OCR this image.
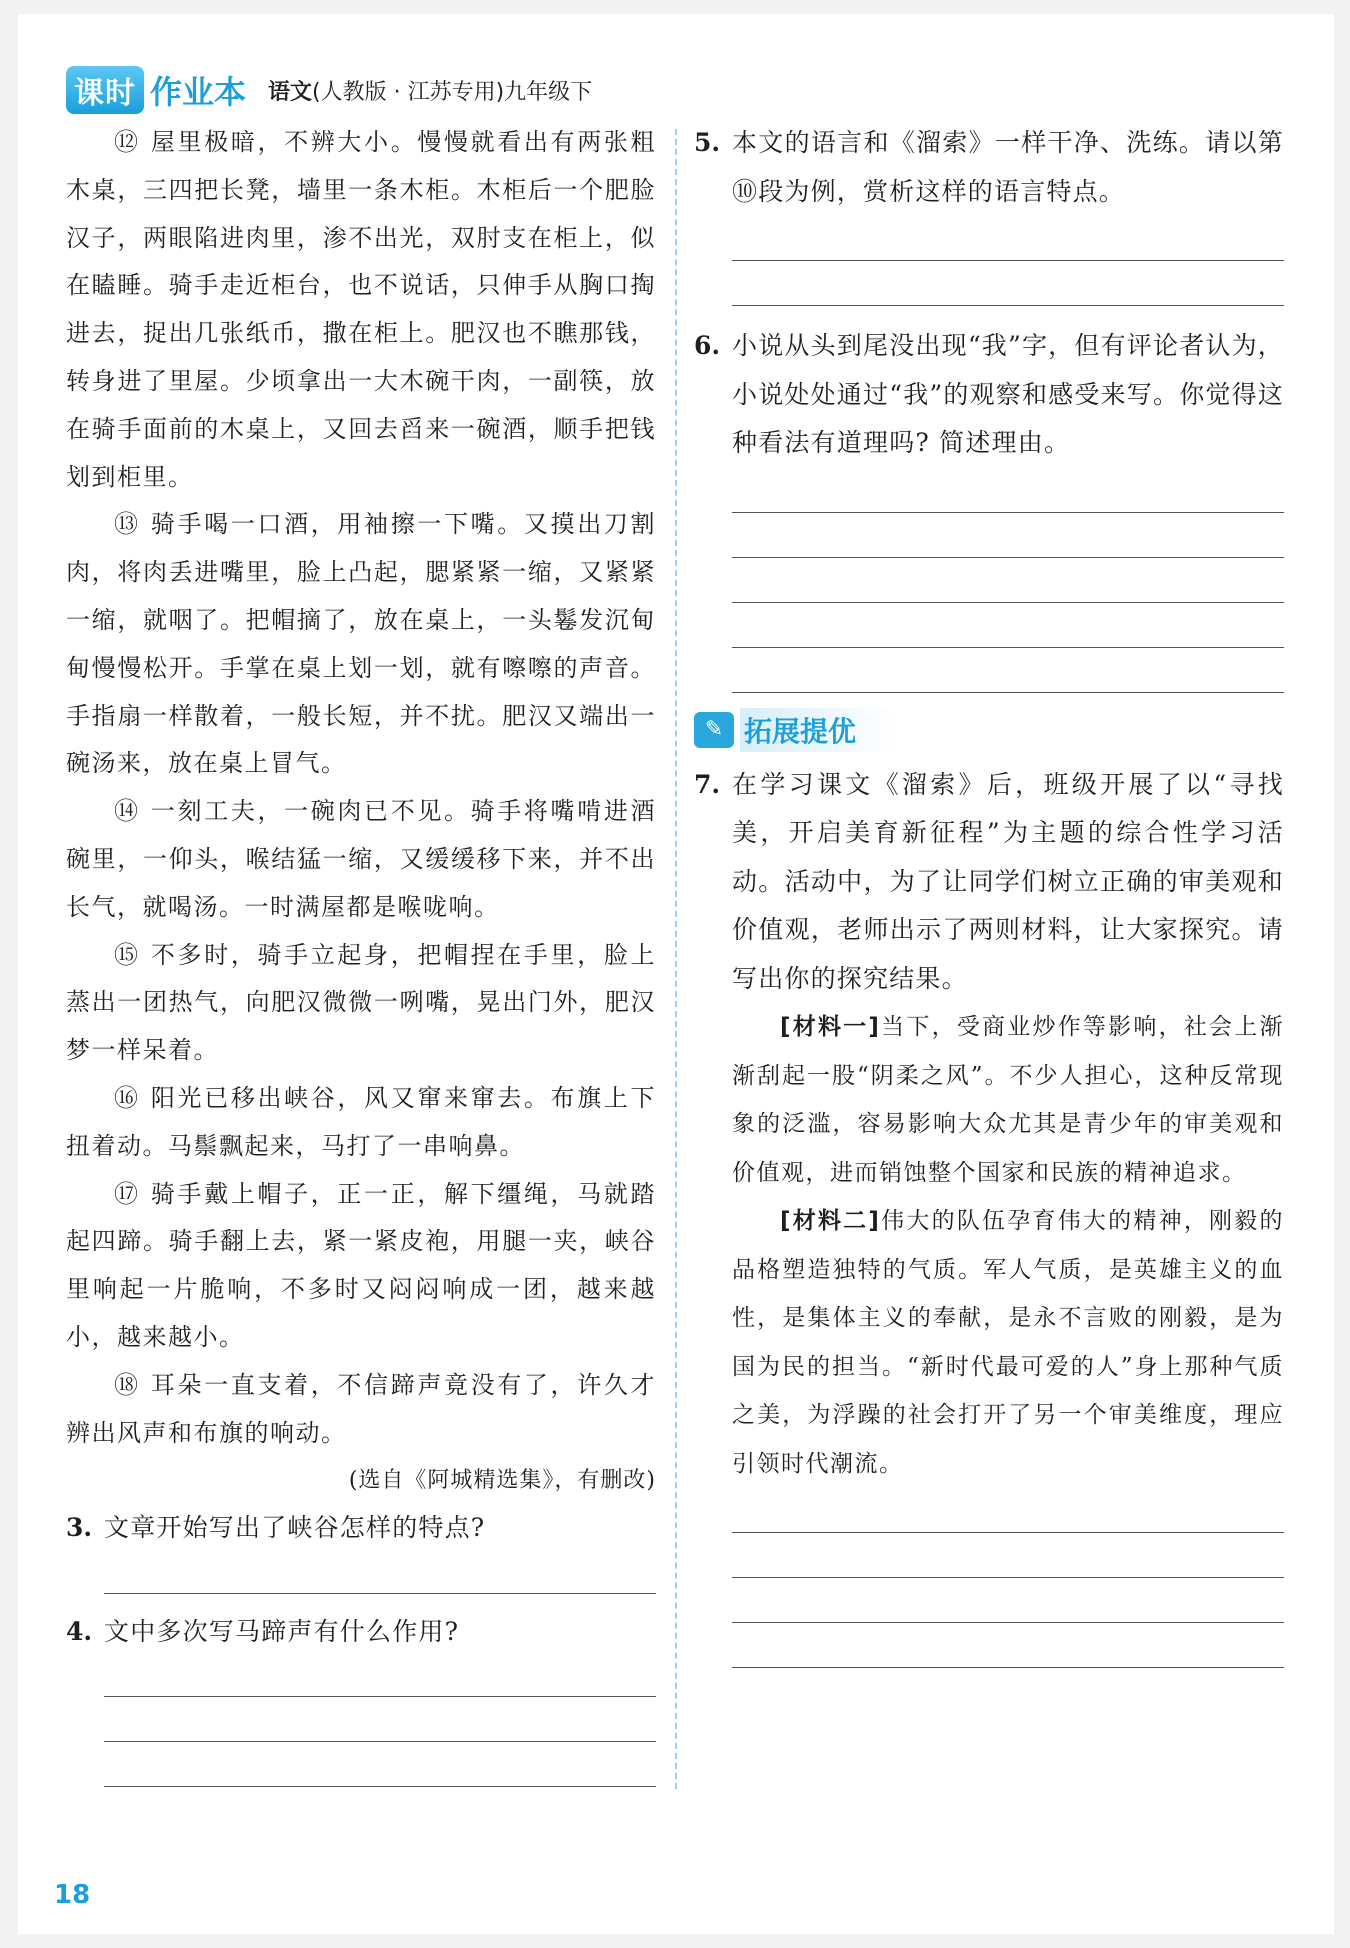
课时 作业本 语文 (人教版 · 江苏专用)九年级下

⑫ 屋里极暗，不辨大小。慢慢就看出有两张粗木桌，三四把长凳，墙里一条木柜。木柜后一个肥脸汉子，两眼陷进肉里，渗不出光，双肘支在柜上，似在瞌睡。骑手走近柜台，也不说话，只伸手从胸口掏进去，捉出几张纸币，撒在柜上。肥汉也不瞧那钱，转身进了里屋。少顷拿出一大木碗干肉，一副筷，放在骑手面前的木桌上，又回去舀来一碗酒，顺手把钱划到柜里。

⑬ 骑手喝一口酒，用袖擦一下嘴。又摸出刀割肉，将肉丢进嘴里，脸上凸起，腮紧紧一缩，又紧紧一缩，就咽了。把帽摘了，放在桌上，一头鬈发沉甸甸慢慢松开。手掌在桌上划一划，就有嚓嚓的声音。手指扇一样散着，一般长短，并不扰。肥汉又端出一碗汤来，放在桌上冒气。

⑭ 一刻工夫，一碗肉已不见。骑手将嘴啃进酒碗里，一仰头，喉结猛一缩，又缓缓移下来，并不出长气，就喝汤。一时满屋都是喉咙响。

⑮ 不多时，骑手立起身，把帽捏在手里，脸上蒸出一团热气，向肥汉微微一咧嘴，晃出门外，肥汉梦一样呆着。

⑯ 阳光已移出峡谷，风又窜来窜去。布旗上下扭着动。马鬃飘起来，马打了一串响鼻。

⑰ 骑手戴上帽子，正一正，解下缰绳，马就踏起四蹄。骑手翻上去，紧一紧皮袍，用腿一夹，峡谷里响起一片脆响，不多时又闷闷响成一团，越来越小，越来越小。

⑱ 耳朵一直支着，不信蹄声竟没有了，许久才辨出风声和布旗的响动。

(选自《阿城精选集》，有删改)

3. 文章开始写出了峡谷怎样的特点?
4. 文中多次写马蹄声有什么作用?
5. 本文的语言和《溜索》一样干净、洗练。请以第⑩段为例，赏析这样的语言特点。
6. 小说从头到尾没出现“我”字，但有评论者认为，小说处处通过“我”的观察和感受来写。你觉得这种看法有道理吗? 简述理由。
✎ 拓展提优
7. 在学习课文《溜索》后，班级开展了以“寻找美，开启美育新征程”为主题的综合性学习活动。活动中，为了让同学们树立正确的审美观和价值观，老师出示了两则材料，让大家探究。请写出你的探究结果。

[材料一]当下，受商业炒作等影响，社会上渐渐刮起一股“阴柔之风”。不少人担心，这种反常现象的泛滥，容易影响大众尤其是青少年的审美观和价值观，进而销蚀整个国家和民族的精神追求。

[材料二]伟大的队伍孕育伟大的精神，刚毅的品格塑造独特的气质。军人气质，是英雄主义的血性，是集体主义的奉献，是永不言败的刚毅，是为国为民的担当。“新时代最可爱的人”身上那种气质之美，为浮躁的社会打开了另一个审美维度，理应引领时代潮流。

18
